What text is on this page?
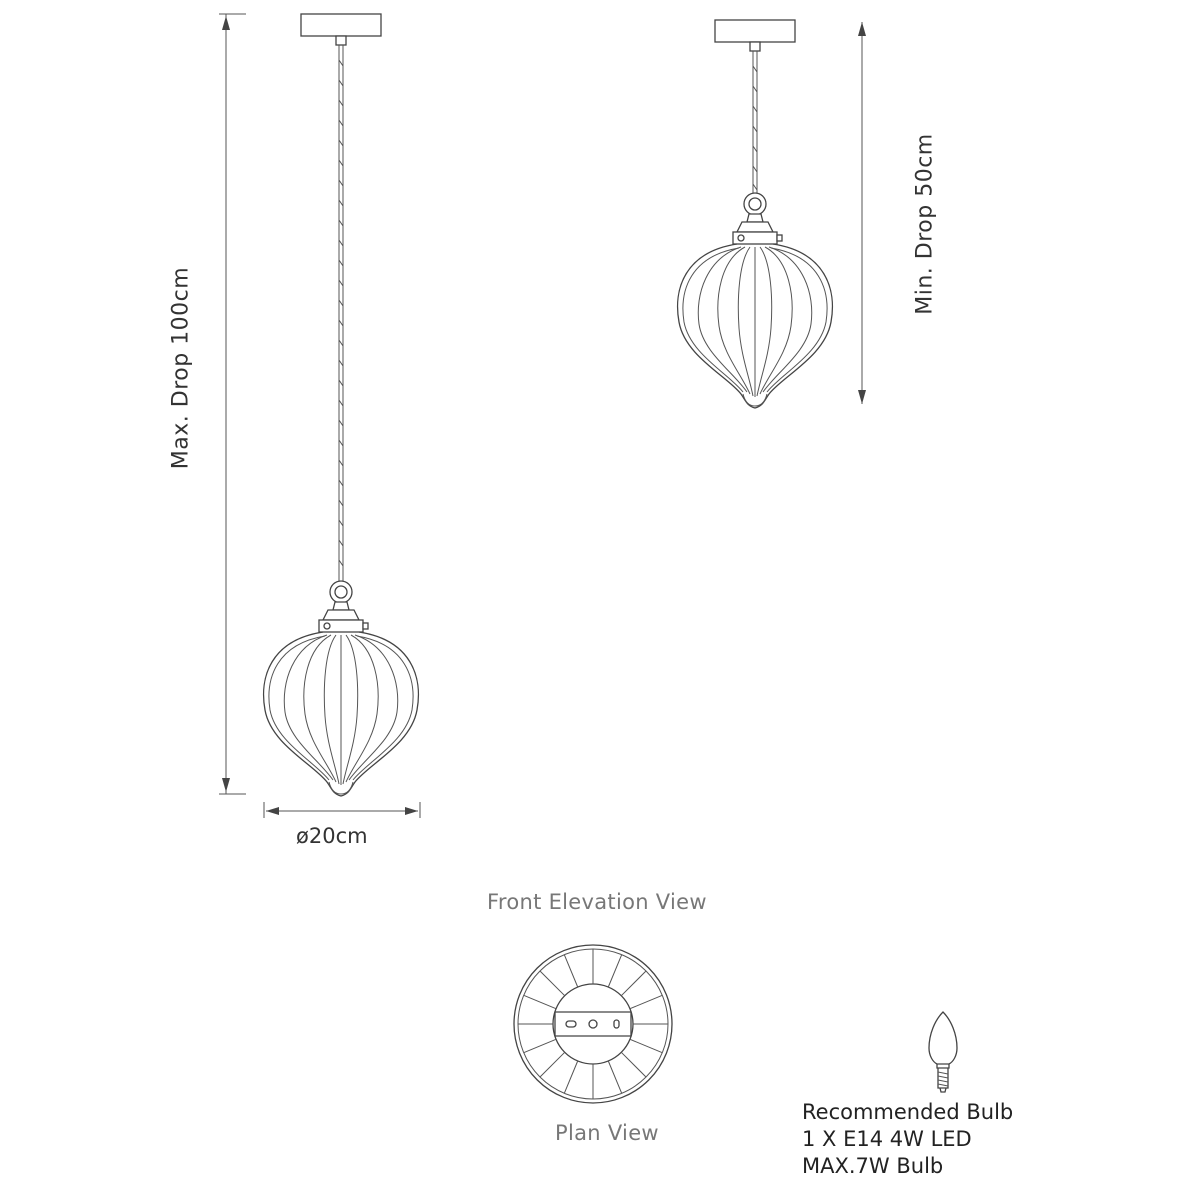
Max. Drop 100cm
Min. Drop 50cm
ø20cm
Front Elevation View
Plan View
Recommended Bulb
1 X E14 4W LED
MAX.7W Bulb
